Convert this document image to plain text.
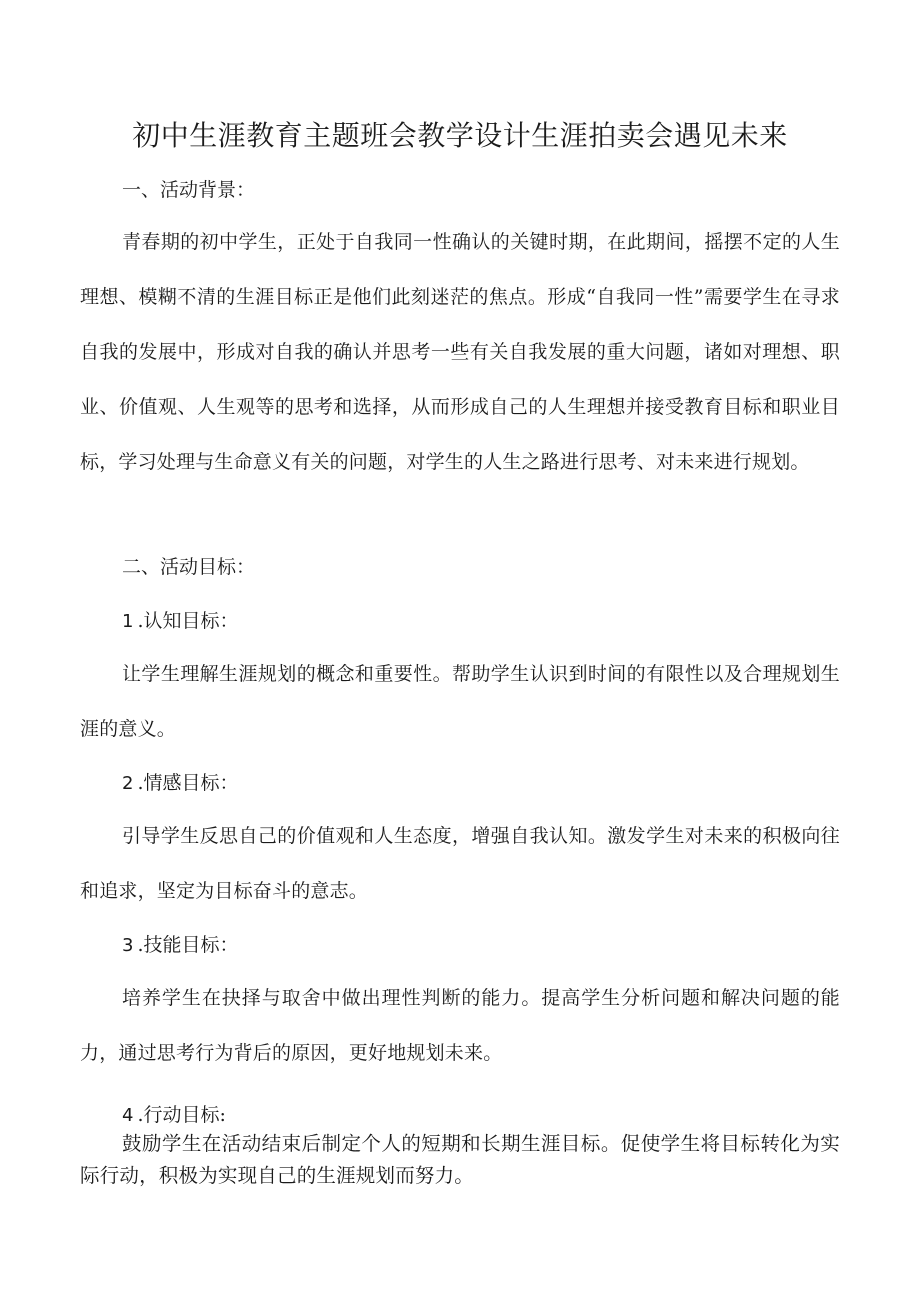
初中生涯教育主题班会教学设计生涯拍卖会遇见未来

一、活动背景：

青春期的初中学生，正处于自我同一性确认的关键时期，在此期间，摇摆不定的人生理想、模糊不清的生涯目标正是他们此刻迷茫的焦点。形成“自我同一性”需要学生在寻求自我的发展中，形成对自我的确认并思考一些有关自我发展的重大问题，诸如对理想、职业、价值观、人生观等的思考和选择，从而形成自己的人生理想并接受教育目标和职业目标，学习处理与生命意义有关的问题，对学生的人生之路进行思考、对未来进行规划。

二、活动目标：

1 .认知目标：

让学生理解生涯规划的概念和重要性。帮助学生认识到时间的有限性以及合理规划生涯的意义。

2 .情感目标：

引导学生反思自己的价值观和人生态度，增强自我认知。激发学生对未来的积极向往和追求，坚定为目标奋斗的意志。

3 .技能目标：

培养学生在抉择与取舍中做出理性判断的能力。提高学生分析问题和解决问题的能力，通过思考行为背后的原因，更好地规划未来。

4 .行动目标:

鼓励学生在活动结束后制定个人的短期和长期生涯目标。促使学生将目标转化为实际行动，积极为实现自己的生涯规划而努力。
